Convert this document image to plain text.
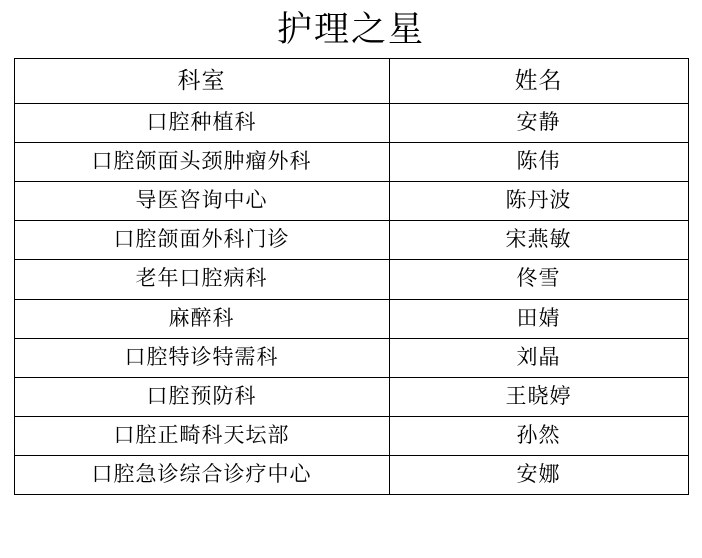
护理之星
科室	姓名
口腔种植科	安静
口腔颌面头颈肿瘤外科	陈伟
导医咨询中心	陈丹波
口腔颌面外科门诊	宋燕敏
老年口腔病科	佟雪
麻醉科	田婧
口腔特诊特需科	刘晶
口腔预防科	王晓婷
口腔正畸科天坛部	孙然
口腔急诊综合诊疗中心	安娜
